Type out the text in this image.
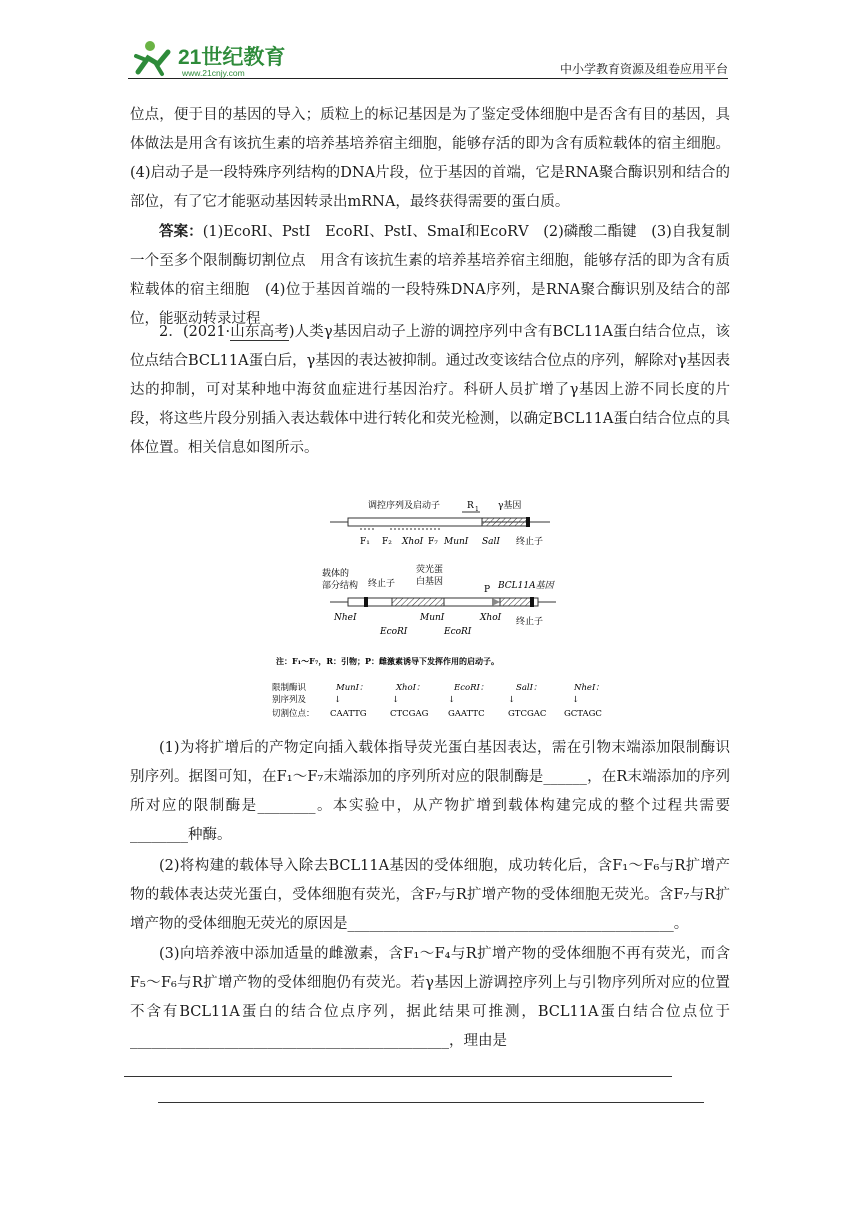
21世纪教育
www.21cnjy.com	中小学教育资源及组卷应用平台
位点，便于目的基因的导入；质粒上的标记基因是为了鉴定受体细胞中是否含有目的基因，具体做法是用含有该抗生素的培养基培养宿主细胞，能够存活的即为含有质粒载体的宿主细胞。(4)启动子是一段特殊序列结构的DNA片段，位于基因的首端，它是RNA聚合酶识别和结合的部位，有了它才能驱动基因转录出mRNA，最终获得需要的蛋白质。
答案：(1)EcoRⅠ、PstⅠ　EcoRⅠ、PstⅠ、SmaⅠ和EcoRⅤ　(2)磷酸二酯键　(3)自我复制　一个至多个限制酶切割位点　用含有该抗生素的培养基培养宿主细胞，能够存活的即为含有质粒载体的宿主细胞　(4)位于基因首端的一段特殊DNA序列，是RNA聚合酶识别及结合的部位，能驱动转录过程
2．(2021·山东高考)人类γ基因启动子上游的调控序列中含有BCL11A蛋白结合位点，该位点结合BCL11A蛋白后，γ基因的表达被抑制。通过改变该结合位点的序列，解除对γ基因表达的抑制，可对某种地中海贫血症进行基因治疗。科研人员扩增了γ基因上游不同长度的片段，将这些片段分别插入表达载体中进行转化和荧光检测，以确定BCL11A蛋白结合位点的具体位置。相关信息如图所示。
调控序列及启动子	R 1 γ基因
F₁ F₂ XhoⅠ F₇ MunⅠ SalⅠ 终止子
载体的
部分结构 终止子
荧光蛋
白基因
P BCL11A基因
NheⅠ	MunⅠ	XhoⅠ
EcoRⅠ	EcoRⅠ
终止子
注：F₁～F₇，R：引物；P：雌激素诱导下发挥作用的启动子。
限制酶识
别序列及
切割位点：
MunⅠ：	XhoⅠ：	EcoRⅠ：	SalⅠ：	NheⅠ：
↓	↓	↓	↓	↓
CAATTG	CTCGAG GAATTC	GTCGAC GCTAGC
(1)为将扩增后的产物定向插入载体指导荧光蛋白基因表达，需在引物末端添加限制酶识别序列。据图可知，在F₁～F₇末端添加的序列所对应的限制酶是______，在R末端添加的序列所对应的限制酶是________。本实验中，从产物扩增到载体构建完成的整个过程共需要________种酶。
(2)将构建的载体导入除去BCL11A基因的受体细胞，成功转化后，含F₁～F₆与R扩增产物的载体表达荧光蛋白，受体细胞有荧光，含F₇与R扩增产物的受体细胞无荧光。含F₇与R扩增产物的受体细胞无荧光的原因是_____________________________________________。
(3)向培养液中添加适量的雌激素，含F₁～F₄与R扩增产物的受体细胞不再有荧光，而含F₅～F₆与R扩增产物的受体细胞仍有荧光。若γ基因上游调控序列上与引物序列所对应的位置不含有BCL11A蛋白的结合位点序列，据此结果可推测，BCL11A蛋白结合位点位于____________________________________________，理由是
